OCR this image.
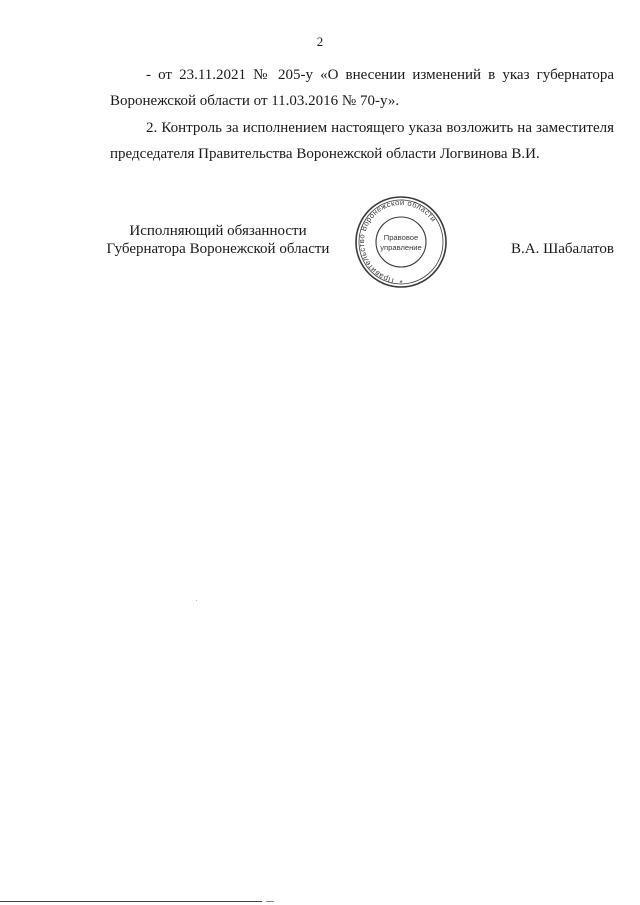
2

- от 23.11.2021 № 205-у «О внесении изменений в указ губернатора Воронежской области от 11.03.2016 № 70-у».

2. Контроль за исполнением настоящего указа возложить на заместителя председателя Правительства Воронежской области Логвинова В.И.

Исполняющий обязанности
Губернатора Воронежской области
Правительство Воронежской области
Правовое
управление
*
В.А. Шабалатов
